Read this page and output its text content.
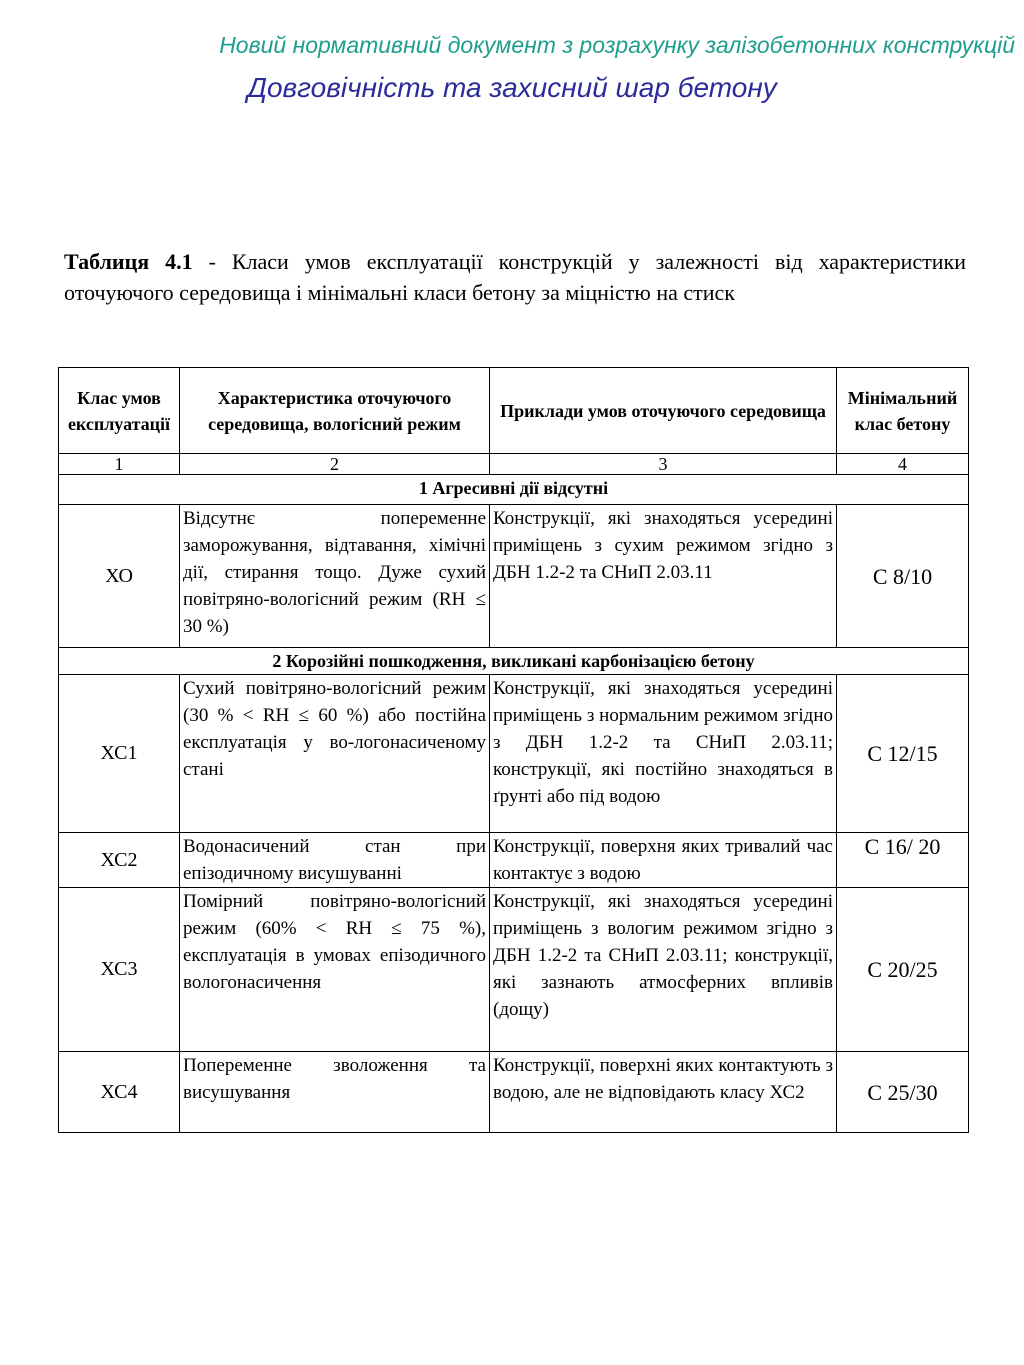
Новий нормативний документ з розрахунку залізобетонних конструкцій
Довговічність та захисний шар бетону
Таблиця 4.1 - Класи умов експлуатації конструкцій у залежності від характеристики оточуючого середовища і мінімальні класи бетону за міцністю на стиск
Клас умов експлуатації	Характеристика оточуючого середовища, вологісний режим	Приклади умов оточуючого середовища	Мінімальний клас бетону
1	2	3	4
1 Агресивні дії відсутні			
ХО	Відсутнє попеременне заморожування, відтавання, хімічні дії, стирання тощо. Дуже сухий повітряно-вологісний режим (RH ≤ 30 %)	Конструкції, які знаходяться усередині приміщень з сухим режимом згідно з ДБН 1.2-2 та СНиП 2.03.11	С 8/10
2 Корозійні пошкодження, викликані карбонізацією бетону			
ХС1	Сухий повітряно-вологісний режим (30 % < RH ≤ 60 %) або постійна експлуатація у во-логонасиченому стані	Конструкції, які знаходяться усередині приміщень з нормальним режимом згідно з ДБН 1.2-2 та СНиП 2.03.11; конструкції, які постійно знаходяться в ґрунті або під водою	С 12/15
ХС2	Водонасичений стан при епізодичному висушуванні	Конструкції, поверхня яких тривалий час контактує з водою	С 16/ 20
ХС3	Помірний повітряно-вологісний режим (60% < RH ≤ 75 %), експлуатація в умовах епізодичного вологонасичення	Конструкції, які знаходяться усередині приміщень з вологим режимом згідно з ДБН 1.2-2 та СНиП 2.03.11; конструкції, які зазнають атмосферних впливів (дощу)	С 20/25
ХС4	Попеременне зволоження та висушування	Конструкції, поверхні яких контактують з водою, але не відповідають класу ХС2	С 25/30
